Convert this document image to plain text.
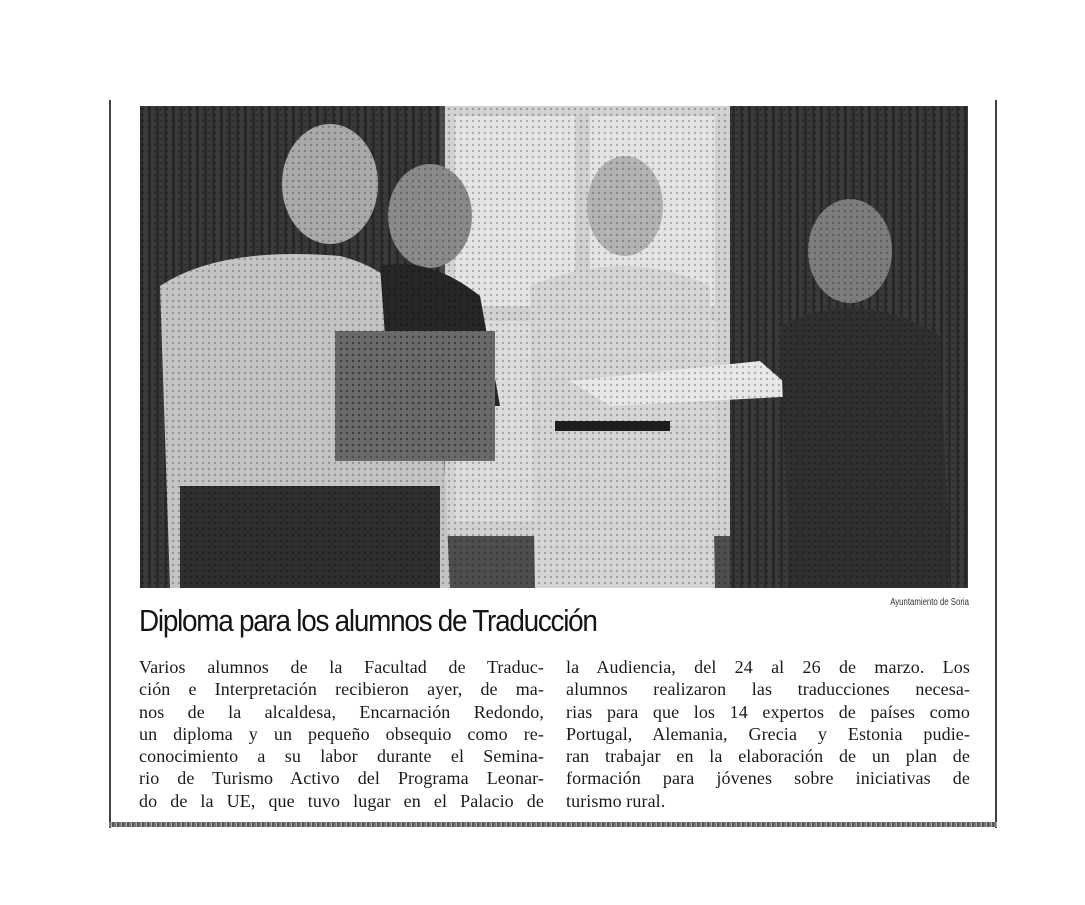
Ayuntamiento de Soria
Diploma para los alumnos de Traducción
Varios alumnos de la Facultad de Traduc-
ción e Interpretación recibieron ayer, de ma-
nos de la alcaldesa, Encarnación Redondo,
un diploma y un pequeño obsequio como re-
conocimiento a su labor durante el Semina-
rio de Turismo Activo del Programa Leonar-
do de la UE, que tuvo lugar en el Palacio de
la Audiencia, del 24 al 26 de marzo. Los
alumnos realizaron las traducciones necesa-
rias para que los 14 expertos de países como
Portugal, Alemania, Grecia y Estonia pudie-
ran trabajar en la elaboración de un plan de
formación para jóvenes sobre iniciativas de
turismo rural.
